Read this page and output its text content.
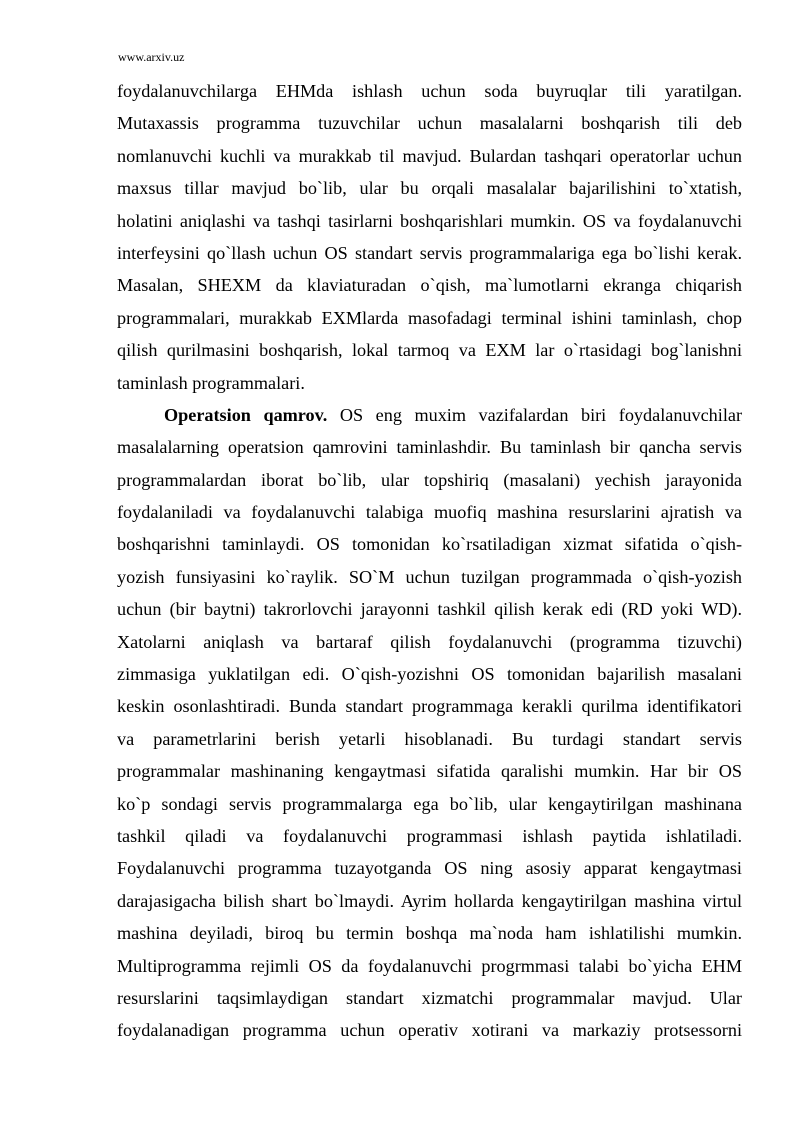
www.arxiv.uz
foydalanuvchilarga EHMda ishlash uchun soda buyruqlar tili yaratilgan.
Mutaxassis programma tuzuvchilar uchun masalalarni boshqarish tili deb
nomlanuvchi kuchli va murakkab til mavjud. Bulardan tashqari operatorlar uchun
maxsus tillar mavjud bo`lib, ular bu orqali masalalar bajarilishini to`xtatish,
holatini aniqlashi va tashqi tasirlarni boshqarishlari mumkin. OS va foydalanuvchi
interfeysini qo`llash uchun OS standart servis programmalariga ega bo`lishi kerak.
Masalan, SHEXM da klaviaturadan o`qish, ma`lumotlarni ekranga chiqarish
programmalari, murakkab EXMlarda masofadagi terminal ishini taminlash, chop
qilish qurilmasini boshqarish, lokal tarmoq va EXM lar o`rtasidagi bog`lanishni
taminlash programmalari.
Operatsion qamrov. OS eng muxim vazifalardan biri foydalanuvchilar
masalalarning operatsion qamrovini taminlashdir. Bu taminlash bir qancha servis
programmalardan iborat bo`lib, ular topshiriq (masalani) yechish jarayonida
foydalaniladi va foydalanuvchi talabiga muofiq mashina resurslarini ajratish va
boshqarishni taminlaydi. OS tomonidan ko`rsatiladigan xizmat sifatida o`qish-
yozish funsiyasini ko`raylik. SO`M uchun tuzilgan programmada o`qish-yozish
uchun (bir baytni) takrorlovchi jarayonni tashkil qilish kerak edi (RD yoki WD).
Xatolarni aniqlash va bartaraf qilish foydalanuvchi (programma tizuvchi)
zimmasiga yuklatilgan edi. O`qish-yozishni OS tomonidan bajarilish masalani
keskin osonlashtiradi. Bunda standart programmaga kerakli qurilma identifikatori
va parametrlarini berish yetarli hisoblanadi. Bu turdagi standart servis
programmalar mashinaning kengaytmasi sifatida qaralishi mumkin. Har bir OS
ko`p sondagi servis programmalarga ega bo`lib, ular kengaytirilgan mashinana
tashkil qiladi va foydalanuvchi programmasi ishlash paytida ishlatiladi.
Foydalanuvchi programma tuzayotganda OS ning asosiy apparat kengaytmasi
darajasigacha bilish shart bo`lmaydi. Ayrim hollarda kengaytirilgan mashina virtul
mashina deyiladi, biroq bu termin boshqa ma`noda ham ishlatilishi mumkin.
Multiprogramma rejimli OS da foydalanuvchi progrmmasi talabi bo`yicha EHM
resurslarini taqsimlaydigan standart xizmatchi programmalar mavjud. Ular
foydalanadigan programma uchun operativ xotirani va markaziy protsessorni
